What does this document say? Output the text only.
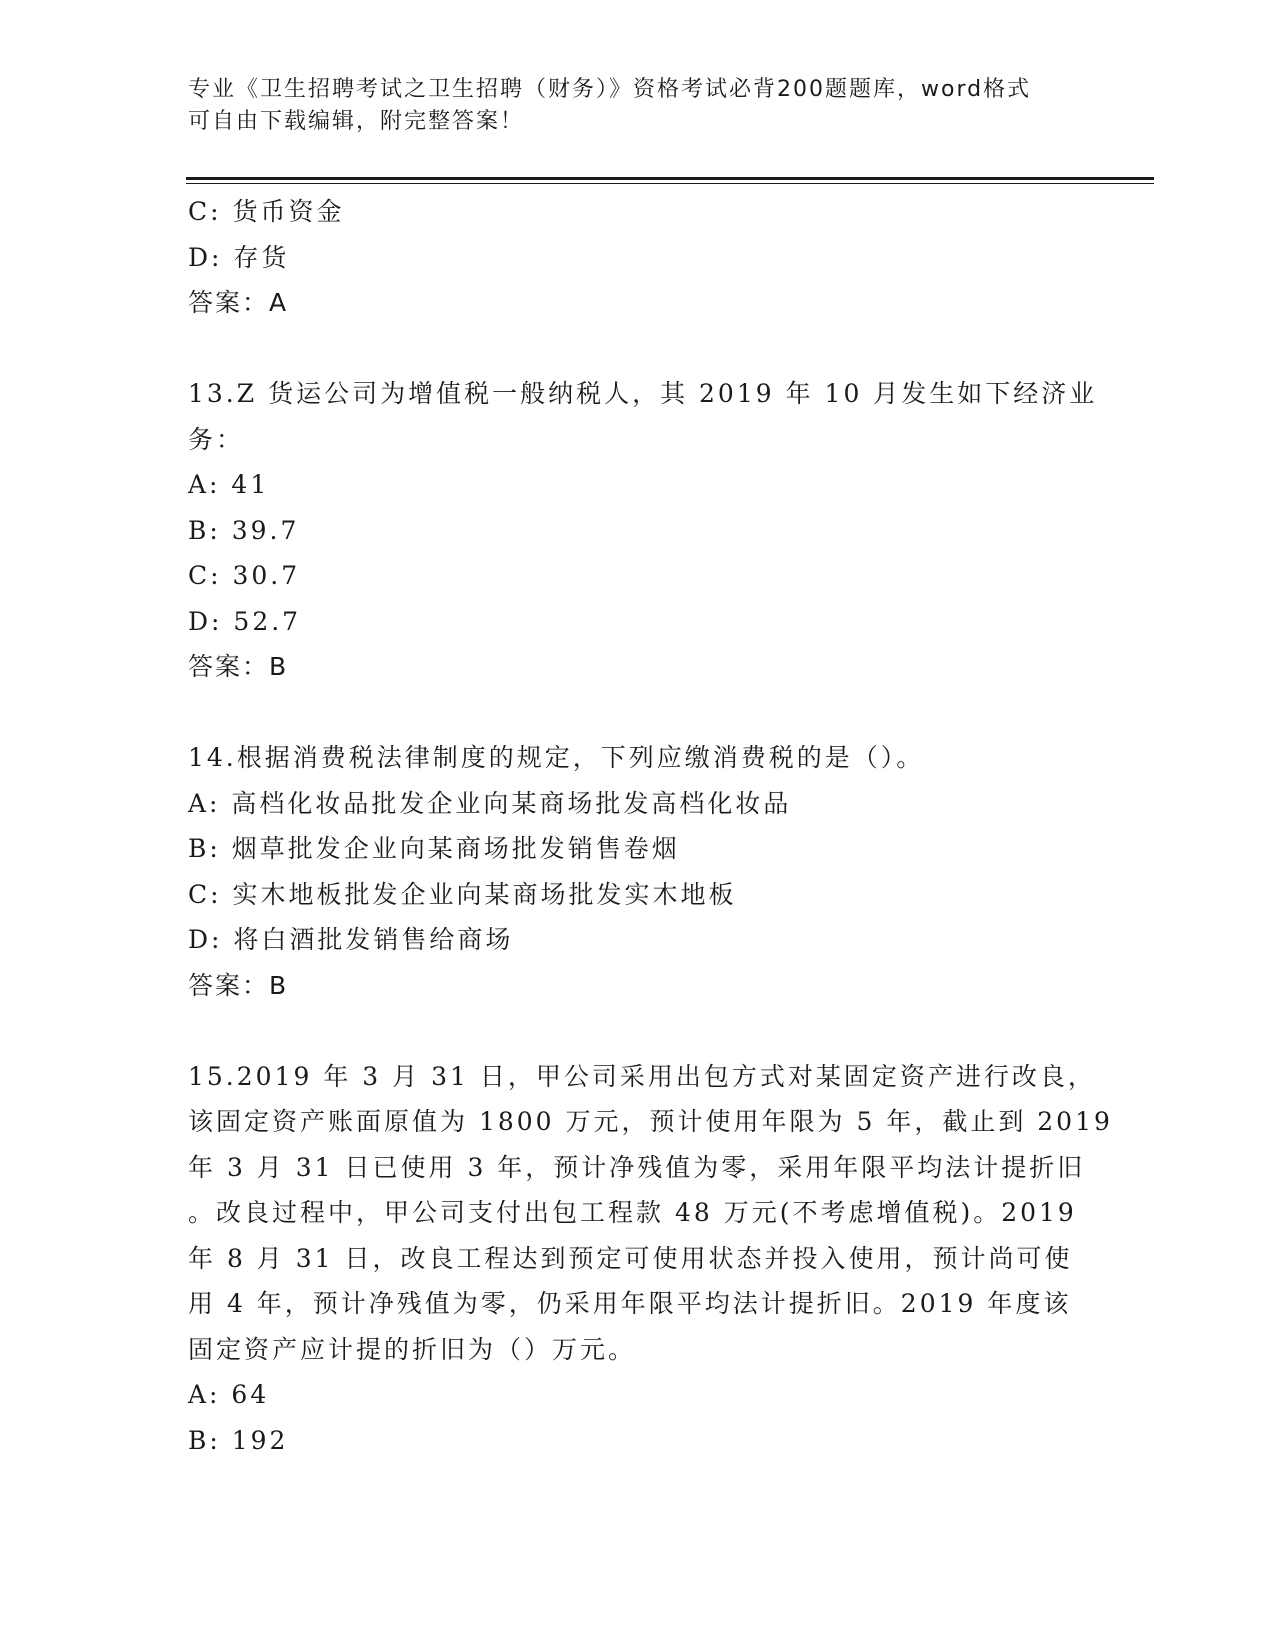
专业《卫生招聘考试之卫生招聘（财务）》资格考试必背200题题库，word格式
可自由下载编辑，附完整答案！
C: 货币资金
D: 存货
答案：A
13.Z 货运公司为增值税一般纳税人，其 2019 年 10 月发生如下经济业
务：
A: 41
B: 39.7
C: 30.7
D: 52.7
答案：B
14.根据消费税法律制度的规定，下列应缴消费税的是（）。
A: 高档化妆品批发企业向某商场批发高档化妆品
B: 烟草批发企业向某商场批发销售卷烟
C: 实木地板批发企业向某商场批发实木地板
D: 将白酒批发销售给商场
答案：B
15.2019 年 3 月 31 日，甲公司采用出包方式对某固定资产进行改良，
该固定资产账面原值为 1800 万元，预计使用年限为 5 年，截止到 2019
年 3 月 31 日已使用 3 年，预计净残值为零，采用年限平均法计提折旧
。改良过程中，甲公司支付出包工程款 48 万元(不考虑增值税)。2019
年 8 月 31 日，改良工程达到预定可使用状态并投入使用，预计尚可使
用 4 年，预计净残值为零，仍采用年限平均法计提折旧。2019 年度该
固定资产应计提的折旧为（）万元。
A: 64
B: 192
